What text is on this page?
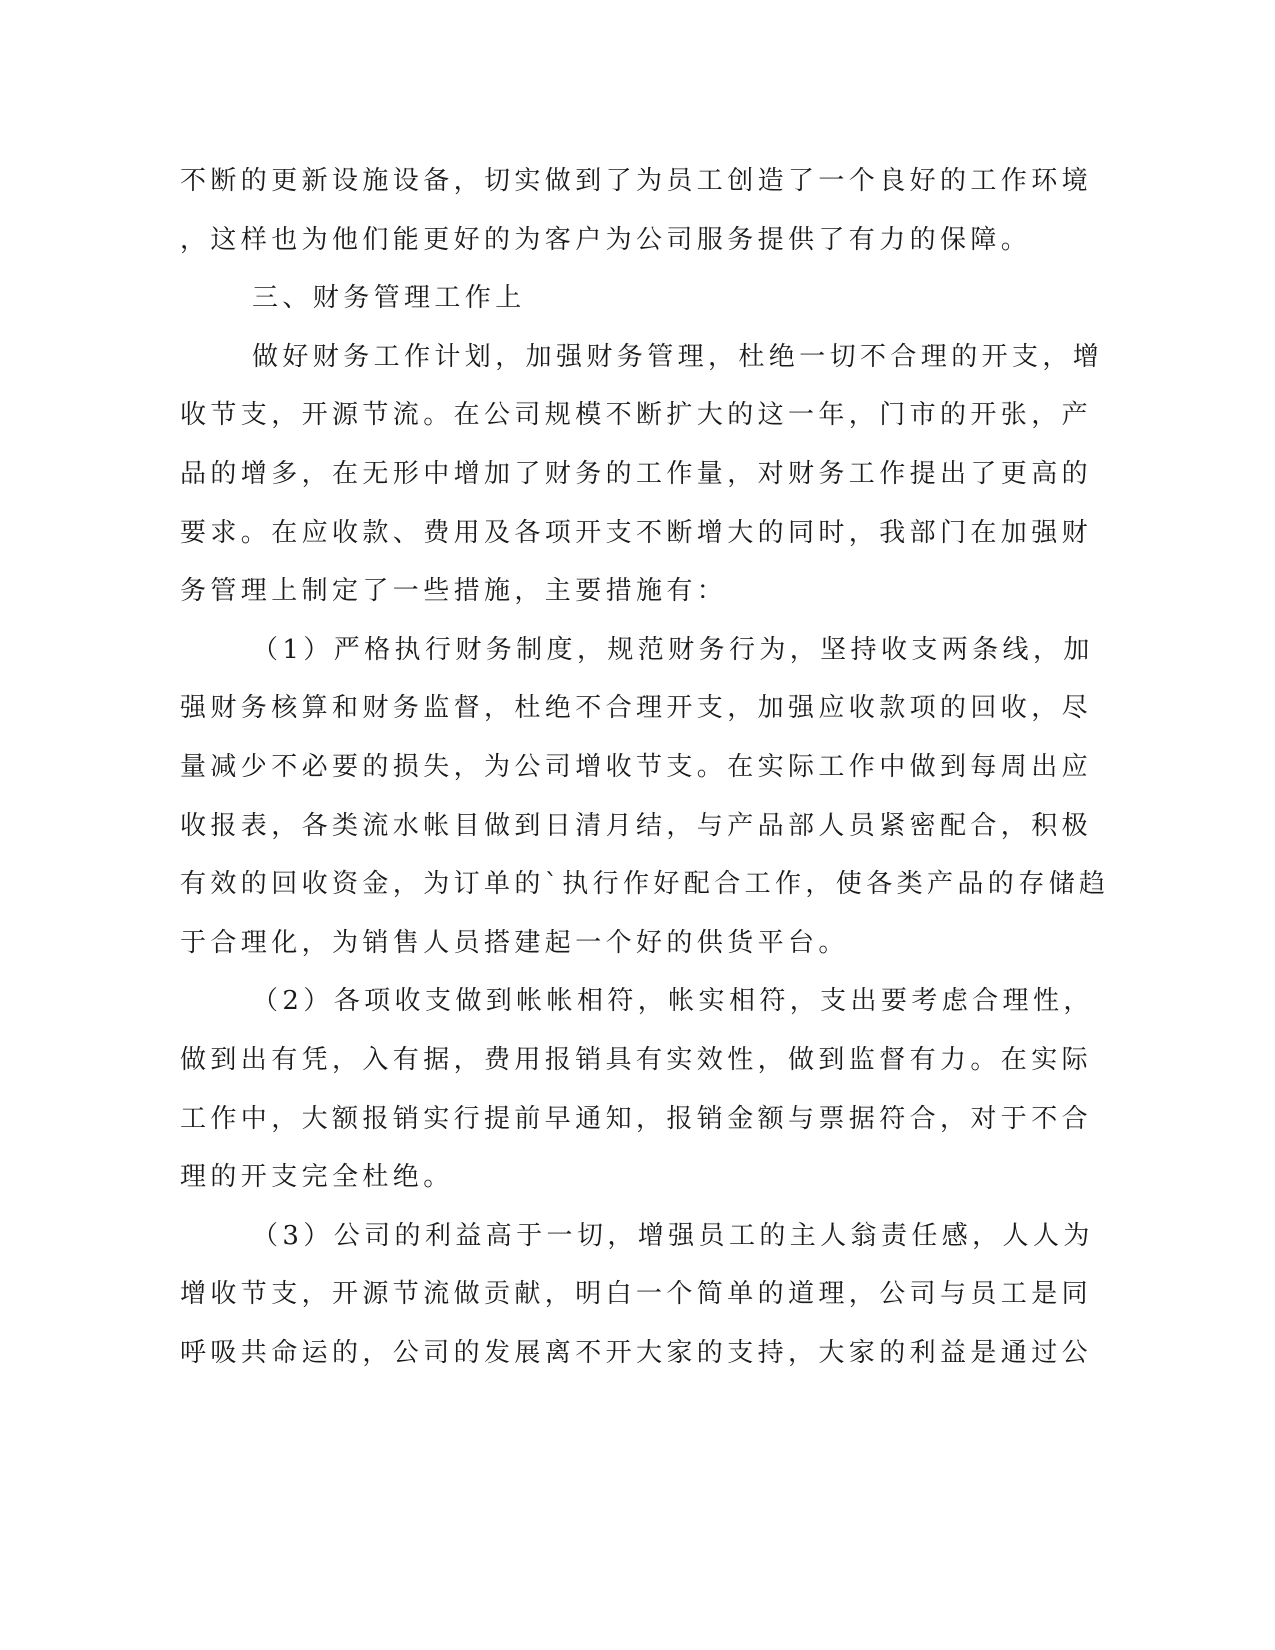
不断的更新设施设备，切实做到了为员工创造了一个良好的工作环境
，这样也为他们能更好的为客户为公司服务提供了有力的保障。
三、财务管理工作上
做好财务工作计划，加强财务管理，杜绝一切不合理的开支，增
收节支，开源节流。在公司规模不断扩大的这一年，门市的开张，产
品的增多，在无形中增加了财务的工作量，对财务工作提出了更高的
要求。在应收款、费用及各项开支不断增大的同时，我部门在加强财
务管理上制定了一些措施，主要措施有：
（1）严格执行财务制度，规范财务行为，坚持收支两条线，加
强财务核算和财务监督，杜绝不合理开支，加强应收款项的回收，尽
量减少不必要的损失，为公司增收节支。在实际工作中做到每周出应
收报表，各类流水帐目做到日清月结，与产品部人员紧密配合，积极
有效的回收资金，为订单的`执行作好配合工作，使各类产品的存储趋
于合理化，为销售人员搭建起一个好的供货平台。
（2）各项收支做到帐帐相符，帐实相符，支出要考虑合理性，
做到出有凭，入有据，费用报销具有实效性，做到监督有力。在实际
工作中，大额报销实行提前早通知，报销金额与票据符合，对于不合
理的开支完全杜绝。
（3）公司的利益高于一切，增强员工的主人翁责任感，人人为
增收节支，开源节流做贡献，明白一个简单的道理，公司与员工是同
呼吸共命运的，公司的发展离不开大家的支持，大家的利益是通过公
